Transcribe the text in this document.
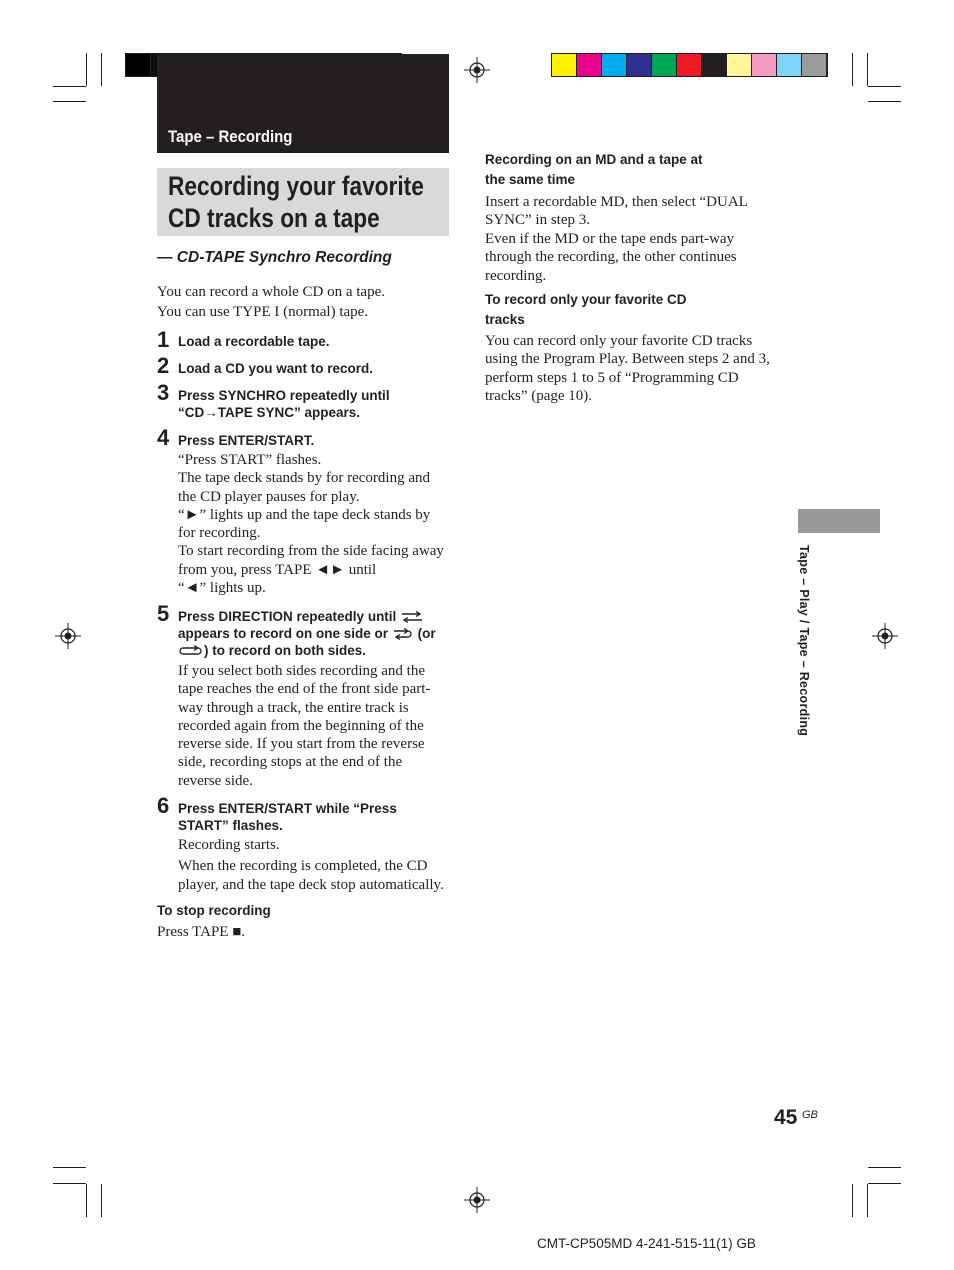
Tape – Recording
Recording your favorite
CD tracks on a tape
— CD-TAPE Synchro Recording
You can record a whole CD on a tape.
You can use TYPE I (normal) tape.
1 Load a recordable tape.
2 Load a CD you want to record.
3 Press SYNCHRO repeatedly until
“CD→TAPE SYNC” appears.
4 Press ENTER/START.
“Press START” flashes.
The tape deck stands by for recording and
the CD player pauses for play.
“►” lights up and the tape deck stands by
for recording.
To start recording from the side facing away
from you, press TAPE ◄► until
“◄” lights up.
5 Press DIRECTION repeatedly until
appears to record on one side or (or
) to record on both sides.
If you select both sides recording and the
tape reaches the end of the front side part-
way through a track, the entire track is
recorded again from the beginning of the
reverse side. If you start from the reverse
side, recording stops at the end of the
reverse side.
6 Press ENTER/START while “Press
START” flashes.
Recording starts.
When the recording is completed, the CD
player, and the tape deck stop automatically.
To stop recording
Press TAPE ■.
Recording on an MD and a tape at
the same time
Insert a recordable MD, then select “DUAL
SYNC” in step 3.
Even if the MD or the tape ends part-way
through the recording, the other continues
recording.
To record only your favorite CD
tracks
You can record only your favorite CD tracks
using the Program Play. Between steps 2 and 3,
perform steps 1 to 5 of “Programming CD
tracks” (page 10).
Tape – Play / Tape – Recording
45 GB
CMT-CP505MD 4-241-515-11(1) GB
